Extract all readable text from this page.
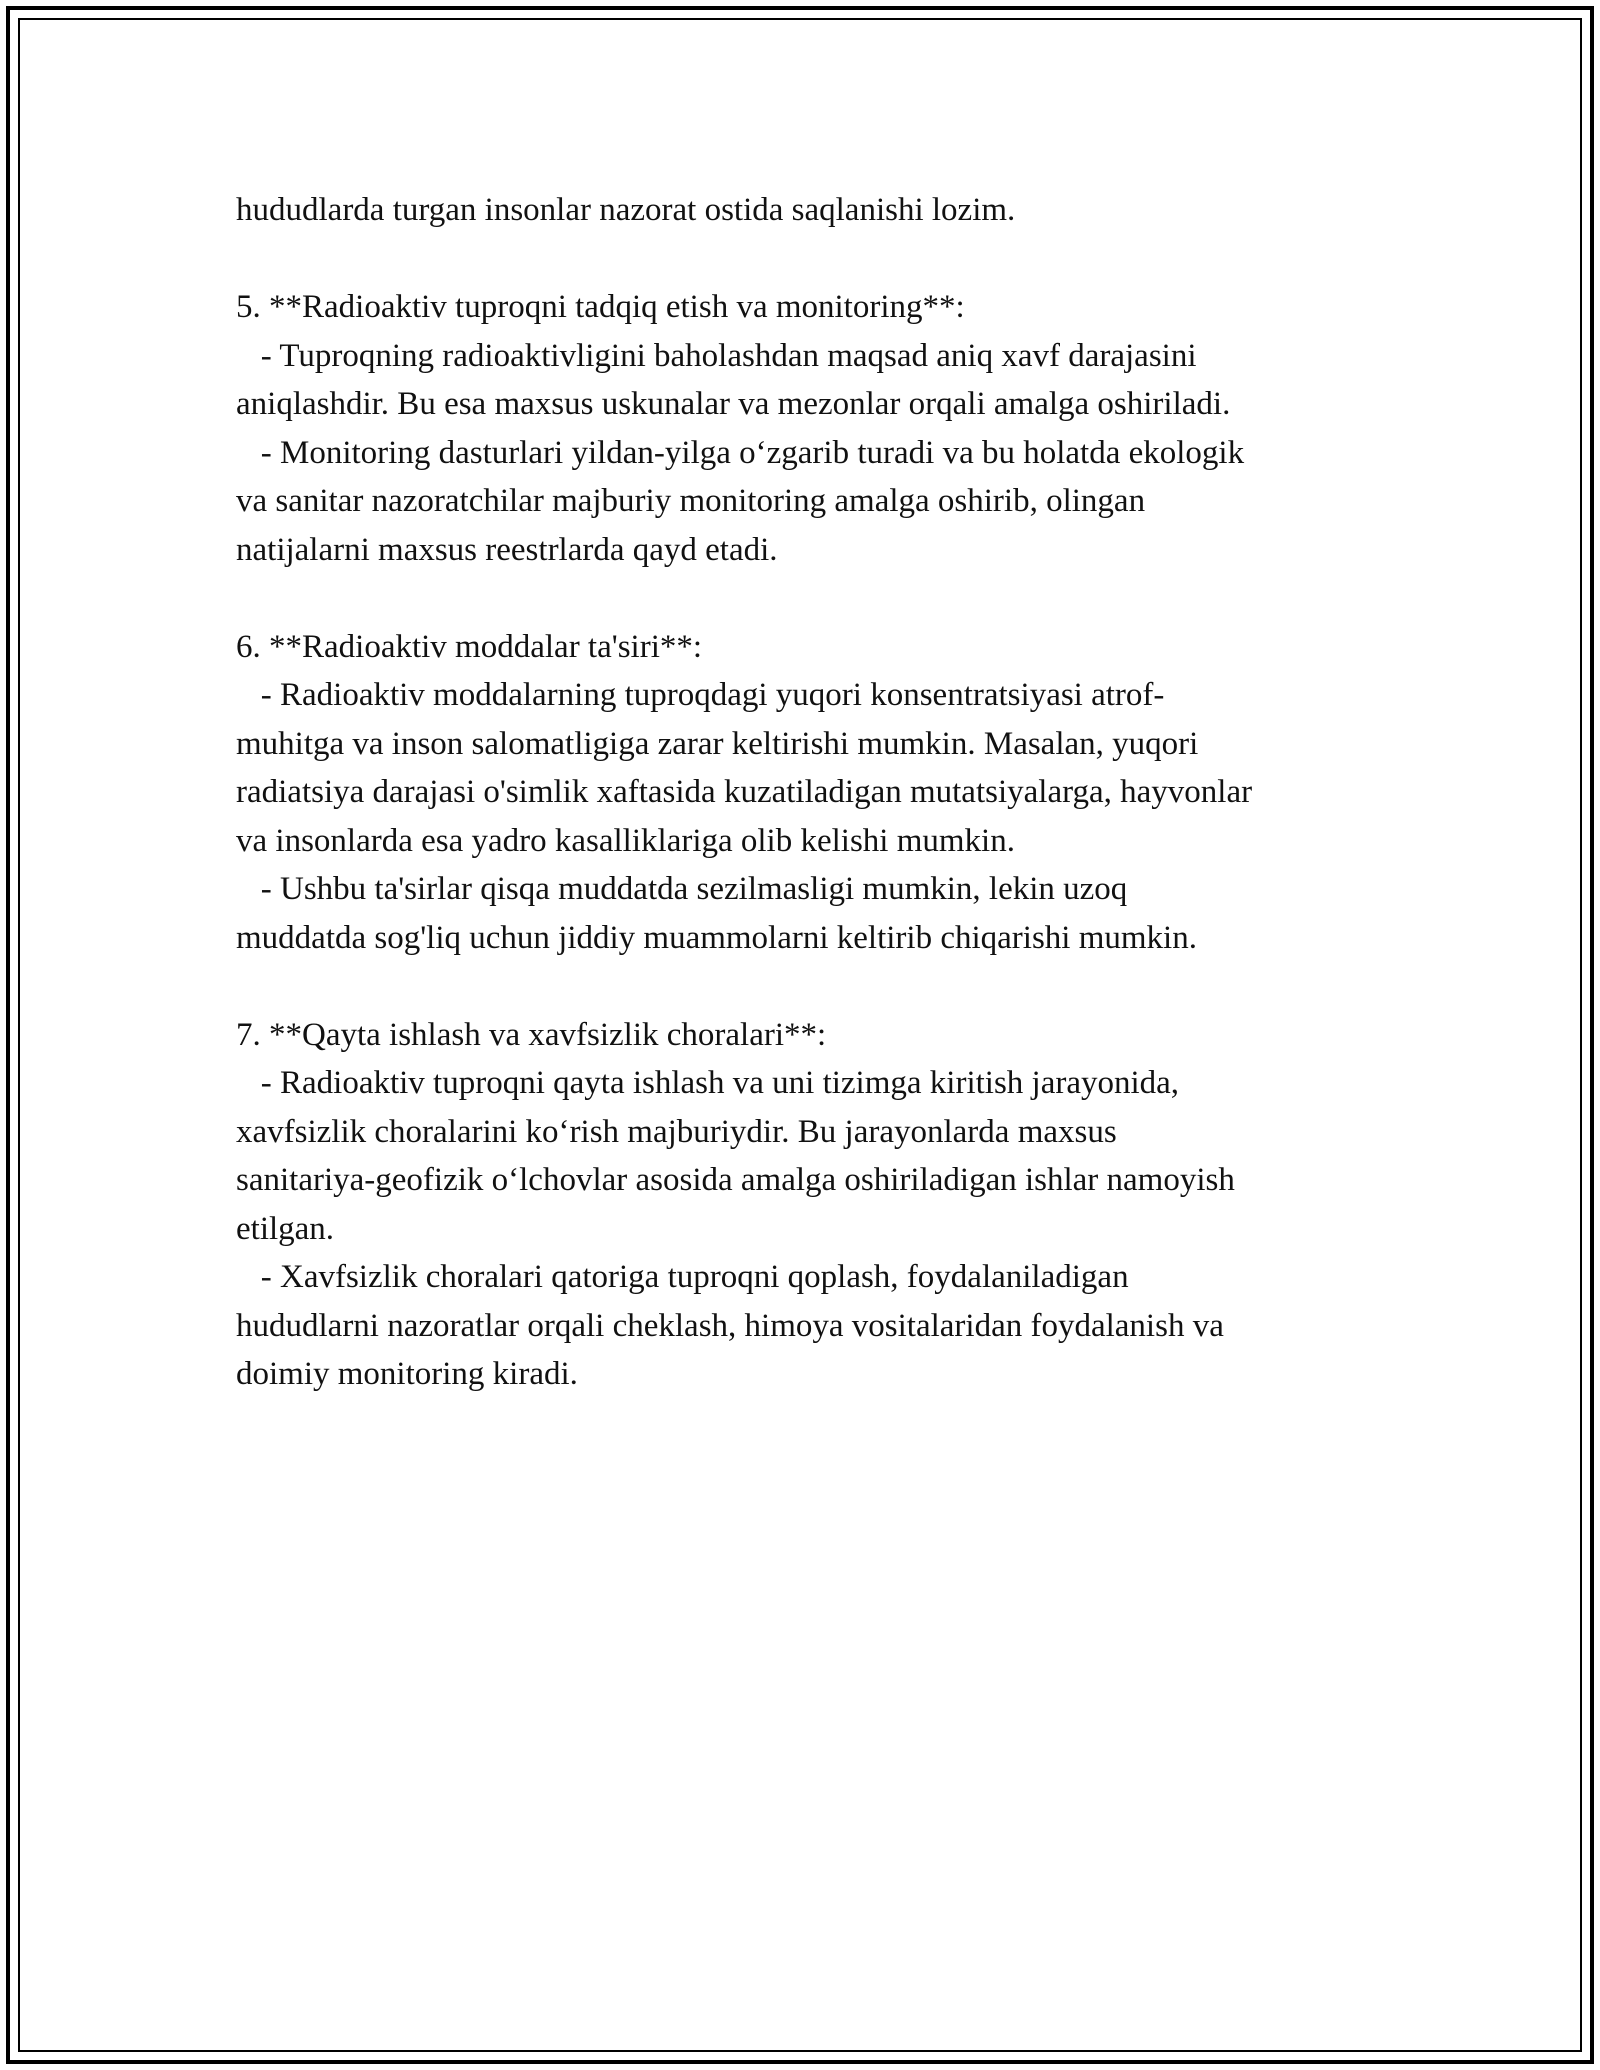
hududlarda turgan insonlar nazorat ostida saqlanishi lozim.
5. **Radioaktiv tuproqni tadqiq etish va monitoring**:
- Tuproqning radioaktivligini baholashdan maqsad aniq xavf darajasini
aniqlashdir. Bu esa maxsus uskunalar va mezonlar orqali amalga oshiriladi.
- Monitoring dasturlari yildan-yilga o‘zgarib turadi va bu holatda ekologik
va sanitar nazoratchilar majburiy monitoring amalga oshirib, olingan
natijalarni maxsus reestrlarda qayd etadi.
6. **Radioaktiv moddalar ta'siri**:
- Radioaktiv moddalarning tuproqdagi yuqori konsentratsiyasi atrof-
muhitga va inson salomatligiga zarar keltirishi mumkin. Masalan, yuqori
radiatsiya darajasi o'simlik xaftasida kuzatiladigan mutatsiyalarga, hayvonlar
va insonlarda esa yadro kasalliklariga olib kelishi mumkin.
- Ushbu ta'sirlar qisqa muddatda sezilmasligi mumkin, lekin uzoq
muddatda sog'liq uchun jiddiy muammolarni keltirib chiqarishi mumkin.
7. **Qayta ishlash va xavfsizlik choralari**:
- Radioaktiv tuproqni qayta ishlash va uni tizimga kiritish jarayonida,
xavfsizlik choralarini ko‘rish majburiydir. Bu jarayonlarda maxsus
sanitariya-geofizik o‘lchovlar asosida amalga oshiriladigan ishlar namoyish
etilgan.
- Xavfsizlik choralari qatoriga tuproqni qoplash, foydalaniladigan
hududlarni nazoratlar orqali cheklash, himoya vositalaridan foydalanish va
doimiy monitoring kiradi.
